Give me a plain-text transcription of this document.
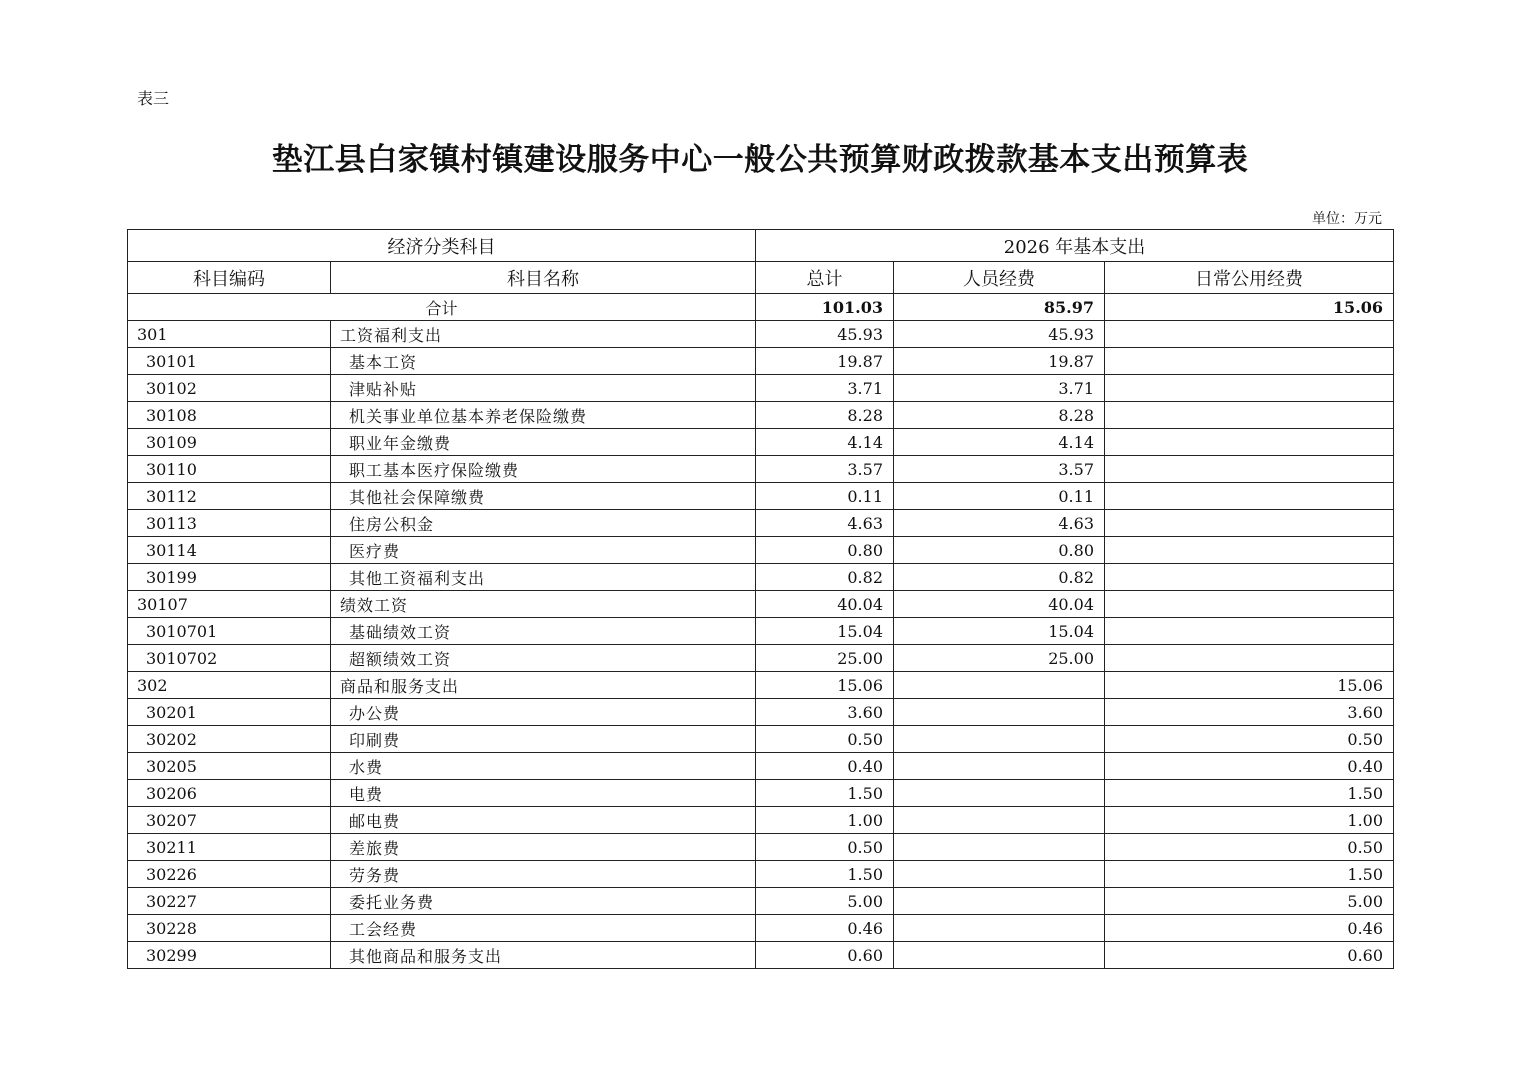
表三
垫江县白家镇村镇建设服务中心一般公共预算财政拨款基本支出预算表
单位：万元
经济分类科目		2026 年基本支出		
科目编码	科目名称	总计	人员经费	日常公用经费
合计		101.03	85.97	15.06
301	工资福利支出	45.93	45.93	
30101	基本工资	19.87	19.87	
30102	津贴补贴	3.71	3.71	
30108	机关事业单位基本养老保险缴费	8.28	8.28	
30109	职业年金缴费	4.14	4.14	
30110	职工基本医疗保险缴费	3.57	3.57	
30112	其他社会保障缴费	0.11	0.11	
30113	住房公积金	4.63	4.63	
30114	医疗费	0.80	0.80	
30199	其他工资福利支出	0.82	0.82	
30107	绩效工资	40.04	40.04	
3010701	基础绩效工资	15.04	15.04	
3010702	超额绩效工资	25.00	25.00	
302	商品和服务支出	15.06		15.06
30201	办公费	3.60		3.60
30202	印刷费	0.50		0.50
30205	水费	0.40		0.40
30206	电费	1.50		1.50
30207	邮电费	1.00		1.00
30211	差旅费	0.50		0.50
30226	劳务费	1.50		1.50
30227	委托业务费	5.00		5.00
30228	工会经费	0.46		0.46
30299	其他商品和服务支出	0.60		0.60
